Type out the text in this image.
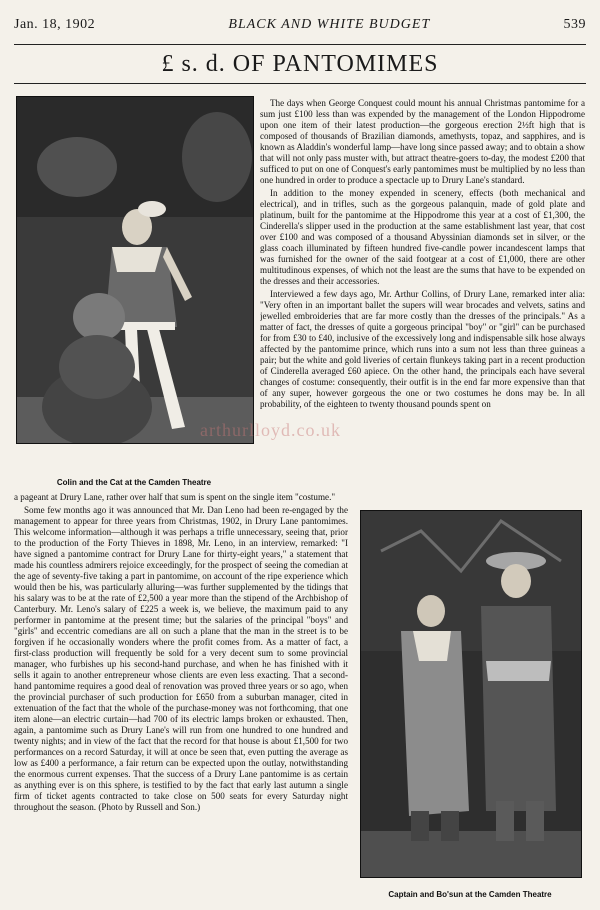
Jan. 18, 1902	BLACK AND WHITE BUDGET	539
£ s. d. OF PANTOMIMES
Colin and the Cat at the Camden Theatre

The days when George Conquest could mount his annual Christmas pantomime for a sum just £100 less than was expended by the management of the London Hippodrome upon one item of their latest production—the gorgeous erection 2½ft high that is composed of thousands of Brazilian diamonds, amethysts, topaz, and sapphires, and is known as Aladdin's wonderful lamp—have long since passed away; and to obtain a show that will not only pass muster with, but attract theatre-goers to-day, the modest £200 that sufficed to put on one of Conquest's early pantomimes must be multiplied by no less than one hundred in order to produce a spectacle up to Drury Lane's standard.

In addition to the money expended in scenery, effects (both mechanical and electrical), and in trifles, such as the gorgeous palanquin, made of gold plate and platinum, built for the pantomime at the Hippodrome this year at a cost of £1,300, the Cinderella's slipper used in the production at the same establishment last year, that cost over £100 and was composed of a thousand Abyssinian diamonds set in silver, or the glass coach illuminated by fifteen hundred five-candle power incandescent lamps that was furnished for the owner of the said footgear at a cost of £1,000, there are other multitudinous expenses, of which not the least are the sums that have to be expended on the dresses and their accessories.

Interviewed a few days ago, Mr. Arthur Collins, of Drury Lane, remarked inter alia: "Very often in an important ballet the supers will wear brocades and velvets, satins and jewelled embroideries that are far more costly than the dresses of the principals." As a matter of fact, the dresses of quite a gorgeous principal "boy" or "girl" can be purchased for from £30 to £40, inclusive of the excessively long and indispensable silk hose always affected by the pantomime prince, which runs into a sum not less than three guineas a pair; but the white and gold liveries of certain flunkeys taking part in a recent production of Cinderella averaged £60 apiece. On the other hand, the principals each have several changes of costume: consequently, their outfit is in the end far more expensive than that of any super, however gorgeous the one or two costumes he dons may be. In all probability, of the eighteen to twenty thousand pounds spent on

arthurlloyd.co.uk

a pageant at Drury Lane, rather over half that sum is spent on the single item "costume."

Some few months ago it was announced that Mr. Dan Leno had been re-engaged by the management to appear for three years from Christmas, 1902, in Drury Lane pantomimes. This welcome information—although it was perhaps a trifle unnecessary, seeing that, prior to the production of the Forty Thieves in 1898, Mr. Leno, in an interview, remarked: "I have signed a pantomime contract for Drury Lane for thirty-eight years," a statement that made his countless admirers rejoice exceedingly, for the prospect of seeing the comedian at the age of seventy-five taking a part in pantomime, on account of the ripe experience which would then be his, was particularly alluring—was further supplemented by the tidings that his salary was to be at the rate of £2,500 a year more than the stipend of the Archbishop of Canterbury. Mr. Leno's salary of £225 a week is, we believe, the maximum paid to any performer in pantomime at the present time; but the salaries of the principal "boys" and "girls" and eccentric comedians are all on such a plane that the man in the street is to be forgiven if he occasionally wonders where the profit comes from. As a matter of fact, a first-class production will frequently be sold for a very decent sum to some provincial manager, who furbishes up his second-hand purchase, and when he has finished with it sells it again to another entrepreneur whose clients are even less exacting. That a second-hand pantomime requires a good deal of renovation was proved three years or so ago, when the provincial purchaser of such production for £650 from a suburban manager, cited in extenuation of the fact that the whole of the purchase-money was not forthcoming, that one item alone—an electric curtain—had 700 of its electric lamps broken or exhausted. Then, again, a pantomime such as Drury Lane's will run from one hundred to one hundred and twenty nights; and in view of the fact that the record for that house is about £1,500 for two performances on a record Saturday, it will at once be seen that, even putting the average as low as £400 a performance, a fair return can be expected upon the outlay, notwithstanding the enormous current expenses. That the success of a Drury Lane pantomime is as certain as anything ever is on this sphere, is testified to by the fact that early last autumn a single firm of ticket agents contracted to take close on 500 seats for every Saturday night throughout the season. (Photo by Russell and Son.)

Captain and Bo'sun at the Camden Theatre
